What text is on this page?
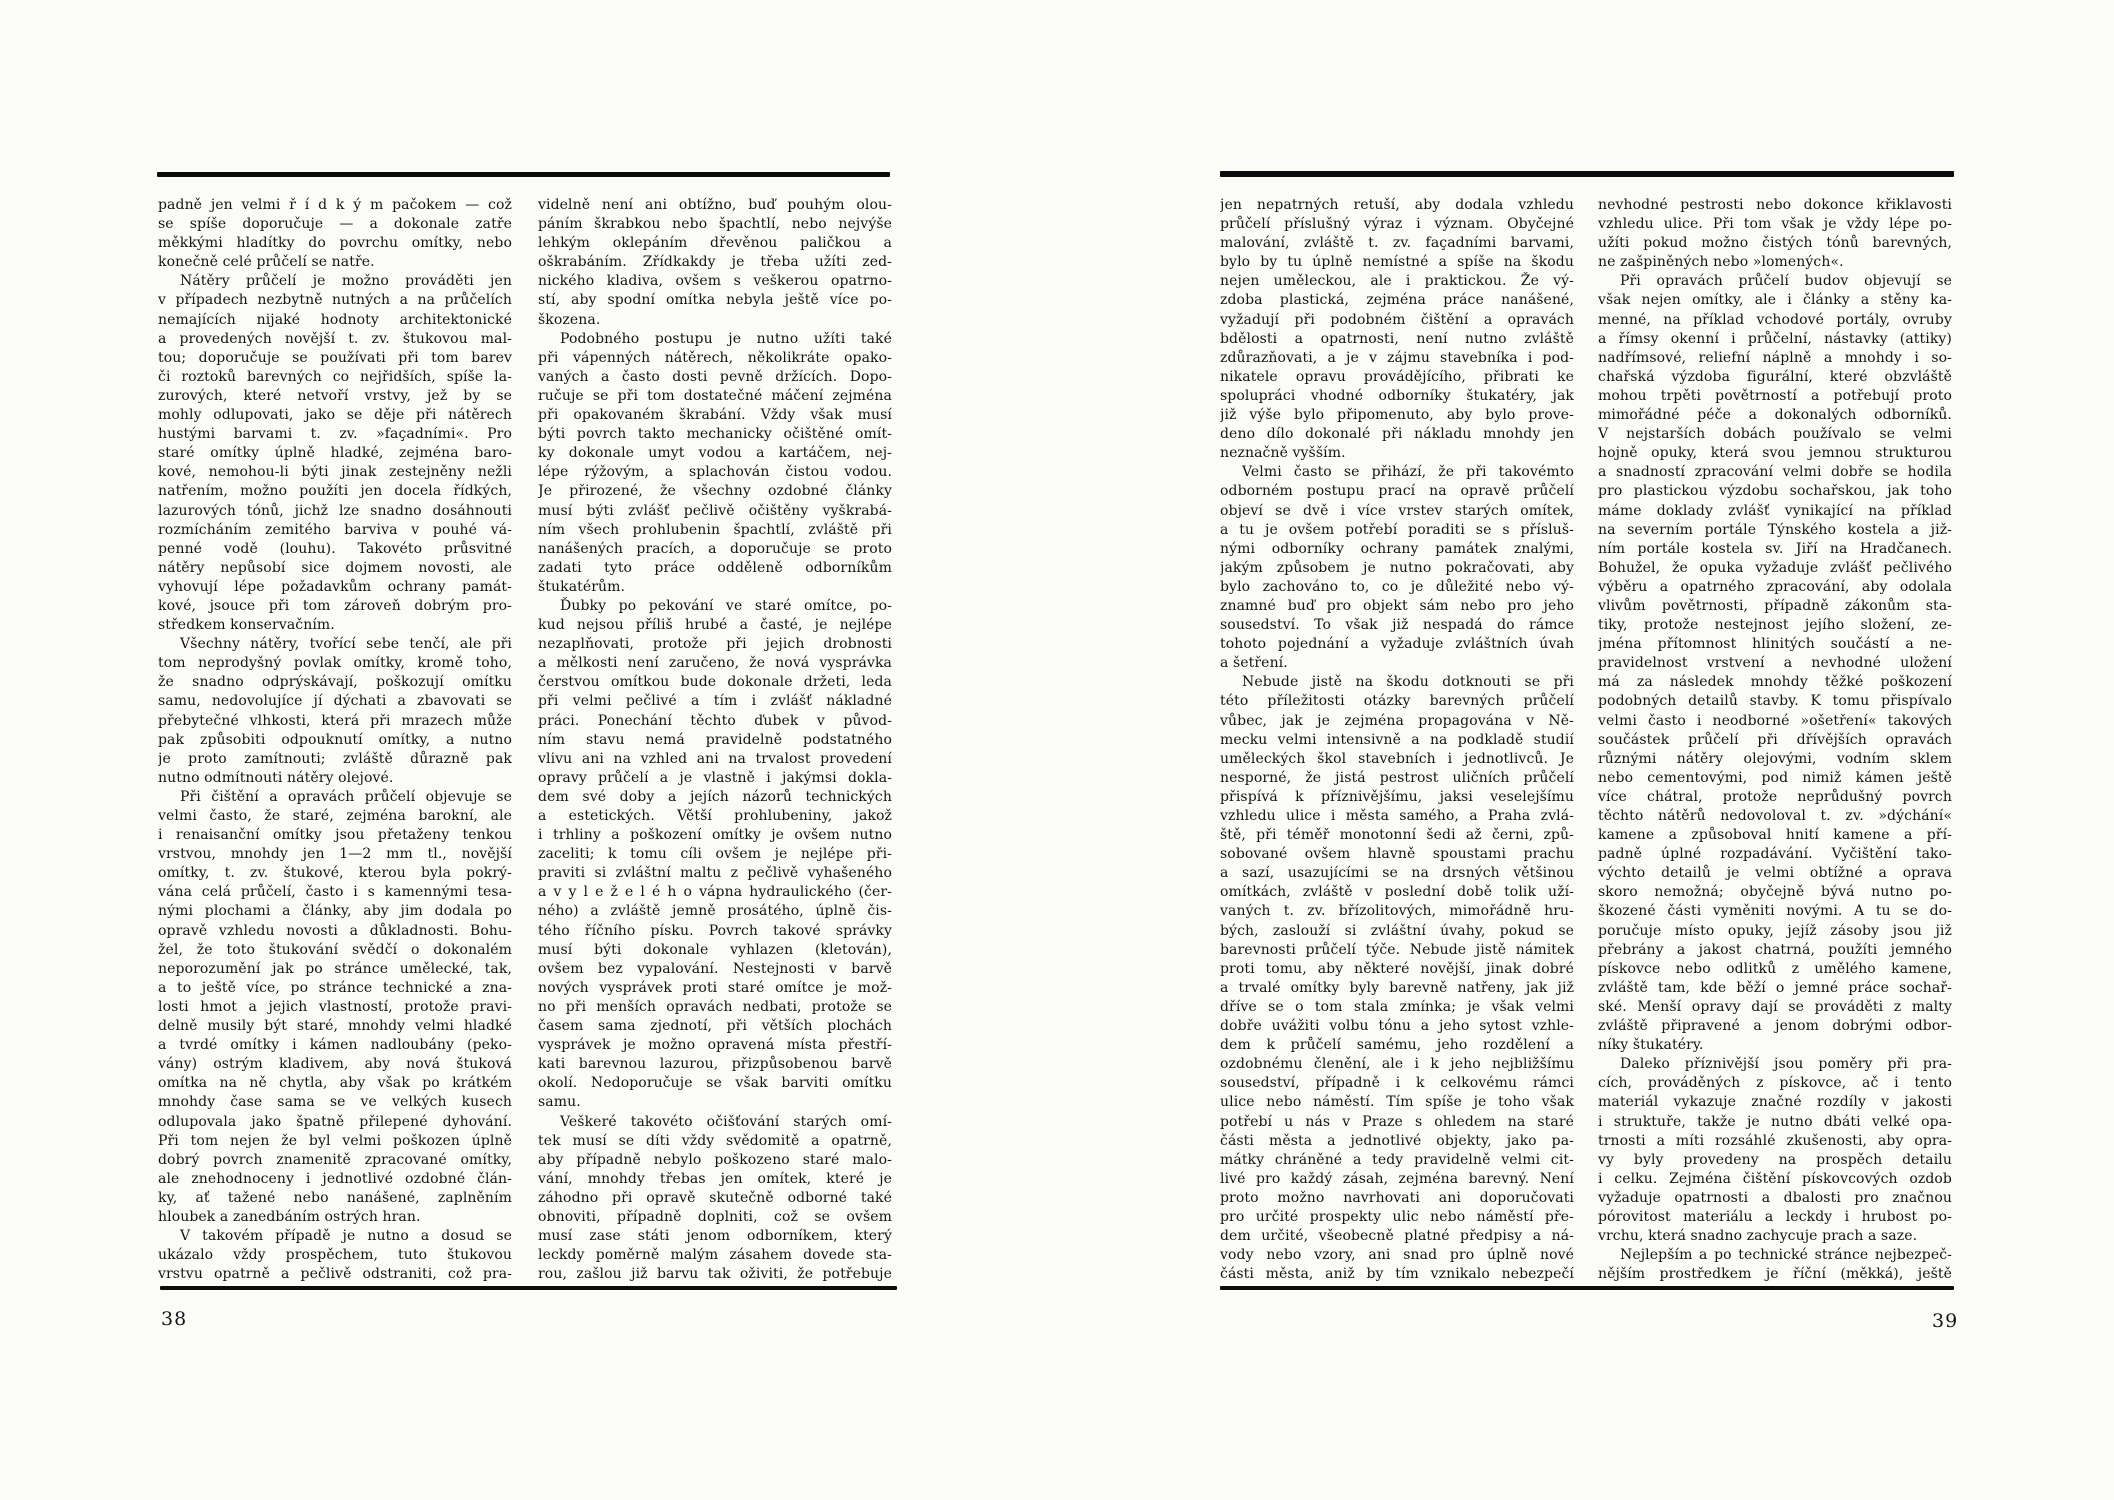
padně jen velmi ř í d k ý m pačokem — což
se spíše doporučuje — a dokonale zatře
měkkými hladítky do povrchu omítky, nebo
konečně celé průčelí se natře.
Nátěry průčelí je možno prováděti jen
v případech nezbytně nutných a na průčelích
nemajících nijaké hodnoty architektonické
a provedených novější t. zv. štukovou mal-
tou; doporučuje se používati při tom barev
či roztoků barevných co nejřidších, spíše la-
zurových, které netvoří vrstvy, jež by se
mohly odlupovati, jako se děje při nátěrech
hustými barvami t. zv. »façadními«. Pro
staré omítky úplně hladké, zejména baro-
kové, nemohou-li býti jinak zestejněny nežli
natřením, možno použíti jen docela řídkých,
lazurových tónů, jichž lze snadno dosáhnouti
rozmícháním zemitého barviva v pouhé vá-
penné vodě (louhu). Takovéto průsvitné
nátěry nepůsobí sice dojmem novosti, ale
vyhovují lépe požadavkům ochrany památ-
kové, jsouce při tom zároveň dobrým pro-
středkem konservačním.
Všechny nátěry, tvořící sebe tenčí, ale při
tom neprodyšný povlak omítky, kromě toho,
že snadno odprýskávají, poškozují omítku
samu, nedovolujíce jí dýchati a zbavovati se
přebytečné vlhkosti, která při mrazech může
pak způsobiti odpouknutí omítky, a nutno
je proto zamítnouti; zvláště důrazně pak
nutno odmítnouti nátěry olejové.
Při čištění a opravách průčelí objevuje se
velmi často, že staré, zejména barokní, ale
i renaisanční omítky jsou přetaženy tenkou
vrstvou, mnohdy jen 1—2 mm tl., novější
omítky, t. zv. štukové, kterou byla pokrý-
vána celá průčelí, často i s kamennými tesa-
nými plochami a články, aby jim dodala po
opravě vzhledu novosti a důkladnosti. Bohu-
žel, že toto štukování svědčí o dokonalém
neporozumění jak po stránce umělecké, tak,
a to ještě více, po stránce technické a zna-
losti hmot a jejich vlastností, protože pravi-
delně musily být staré, mnohdy velmi hladké
a tvrdé omítky i kámen nadloubány (peko-
vány) ostrým kladivem, aby nová štuková
omítka na ně chytla, aby však po krátkém
mnohdy čase sama se ve velkých kusech
odlupovala jako špatně přilepené dyhování.
Při tom nejen že byl velmi poškozen úplně
dobrý povrch znamenitě zpracované omítky,
ale znehodnoceny i jednotlivé ozdobné člán-
ky, ať tažené nebo nanášené, zaplněním
hloubek a zanedbáním ostrých hran.
V takovém případě je nutno a dosud se
ukázalo vždy prospěchem, tuto štukovou
vrstvu opatrně a pečlivě odstraniti, což pra-
videlně není ani obtížno, buď pouhým olou-
páním škrabkou nebo špachtlí, nebo nejvýše
lehkým oklepáním dřevěnou paličkou a
oškrabáním. Zřídkakdy je třeba užíti zed-
nického kladiva, ovšem s veškerou opatrno-
stí, aby spodní omítka nebyla ještě více po-
škozena.
Podobného postupu je nutno užíti také
při vápenných nátěrech, několikráte opako-
vaných a často dosti pevně držících. Dopo-
ručuje se při tom dostatečné máčení zejména
při opakovaném škrabání. Vždy však musí
býti povrch takto mechanicky očištěné omít-
ky dokonale umyt vodou a kartáčem, nej-
lépe rýžovým, a splachován čistou vodou.
Je přirozené, že všechny ozdobné články
musí býti zvlášť pečlivě očištěny vyškrabá-
ním všech prohlubenin špachtlí, zvláště při
nanášených pracích, a doporučuje se proto
zadati tyto práce odděleně odborníkům
štukatérům.
Ďubky po pekování ve staré omítce, po-
kud nejsou příliš hrubé a časté, je nejlépe
nezaplňovati, protože při jejich drobnosti
a mělkosti není zaručeno, že nová vysprávka
čerstvou omítkou bude dokonale držeti, leda
při velmi pečlivé a tím i zvlášť nákladné
práci. Ponechání těchto ďubek v původ-
ním stavu nemá pravidelně podstatného
vlivu ani na vzhled ani na trvalost provedení
opravy průčelí a je vlastně i jakýmsi dokla-
dem své doby a jejích názorů technických
a estetických. Větší prohlubeniny, jakož
i trhliny a poškození omítky je ovšem nutno
zaceliti; k tomu cíli ovšem je nejlépe při-
praviti si zvláštní maltu z pečlivě vyhašeného
a v y l e ž e l é h o vápna hydraulického (čer-
ného) a zvláště jemně prosátého, úplně čis-
tého říčního písku. Povrch takové správky
musí býti dokonale vyhlazen (kletován),
ovšem bez vypalování. Nestejnosti v barvě
nových vysprávek proti staré omítce je mož-
no při menších opravách nedbati, protože se
časem sama zjednotí, při větších plochách
vysprávek je možno opravená místa přestří-
kati barevnou lazurou, přizpůsobenou barvě
okolí. Nedoporučuje se však barviti omítku
samu.
Veškeré takovéto očišťování starých omí-
tek musí se díti vždy svědomitě a opatrně,
aby případně nebylo poškozeno staré malo-
vání, mnohdy třebas jen omítek, které je
záhodno při opravě skutečně odborné také
obnoviti, případně doplniti, což se ovšem
musí zase státi jenom odborníkem, který
leckdy poměrně malým zásahem dovede sta-
rou, zašlou již barvu tak oživiti, že potřebuje
38
jen nepatrných retuší, aby dodala vzhledu
průčelí příslušný výraz i význam. Obyčejné
malování, zvláště t. zv. façadními barvami,
bylo by tu úplně nemístné a spíše na škodu
nejen uměleckou, ale i praktickou. Že vý-
zdoba plastická, zejména práce nanášené,
vyžadují při podobném čištění a opravách
bdělosti a opatrnosti, není nutno zvláště
zdůrazňovati, a je v zájmu stavebníka i pod-
nikatele opravu provádějícího, přibrati ke
spolupráci vhodné odborníky štukatéry, jak
již výše bylo připomenuto, aby bylo prove-
deno dílo dokonalé při nákladu mnohdy jen
neznačně vyšším.
Velmi často se přihází, že při takovémto
odborném postupu prací na opravě průčelí
objeví se dvě i více vrstev starých omítek,
a tu je ovšem potřebí poraditi se s přísluš-
nými odborníky ochrany památek znalými,
jakým způsobem je nutno pokračovati, aby
bylo zachováno to, co je důležité nebo vý-
znamné buď pro objekt sám nebo pro jeho
sousedství. To však již nespadá do rámce
tohoto pojednání a vyžaduje zvláštních úvah
a šetření.
Nebude jistě na škodu dotknouti se při
této příležitosti otázky barevných průčelí
vůbec, jak je zejména propagována v Ně-
mecku velmi intensivně a na podkladě studií
uměleckých škol stavebních i jednotlivců. Je
nesporné, že jistá pestrost uličních průčelí
přispívá k příznivějšímu, jaksi veselejšímu
vzhledu ulice i města samého, a Praha zvlá-
ště, při téměř monotonní šedi až černi, způ-
sobované ovšem hlavně spoustami prachu
a sazí, usazujícími se na drsných většinou
omítkách, zvláště v poslední době tolik uží-
vaných t. zv. břízolitových, mimořádně hru-
bých, zaslouží si zvláštní úvahy, pokud se
barevnosti průčelí týče. Nebude jistě námitek
proti tomu, aby některé novější, jinak dobré
a trvalé omítky byly barevně natřeny, jak již
dříve se o tom stala zmínka; je však velmi
dobře uvážiti volbu tónu a jeho sytost vzhle-
dem k průčelí samému, jeho rozdělení a
ozdobnému členění, ale i k jeho nejbližšímu
sousedství, případně i k celkovému rámci
ulice nebo náměstí. Tím spíše je toho však
potřebí u nás v Praze s ohledem na staré
části města a jednotlivé objekty, jako pa-
mátky chráněné a tedy pravidelně velmi cit-
livé pro každý zásah, zejména barevný. Není
proto možno navrhovati ani doporučovati
pro určité prospekty ulic nebo náměstí pře-
dem určité, všeobecně platné předpisy a ná-
vody nebo vzory, ani snad pro úplně nové
části města, aniž by tím vznikalo nebezpečí
nevhodné pestrosti nebo dokonce křiklavosti
vzhledu ulice. Při tom však je vždy lépe po-
užíti pokud možno čistých tónů barevných,
ne zašpiněných nebo »lomených«.
Při opravách průčelí budov objevují se
však nejen omítky, ale i články a stěny ka-
menné, na příklad vchodové portály, ovruby
a římsy okenní i průčelní, nástavky (attiky)
nadřímsové, reliefní náplně a mnohdy i so-
chařská výzdoba figurální, které obzvláště
mohou trpěti povětrností a potřebují proto
mimořádné péče a dokonalých odborníků.
V nejstarších dobách používalo se velmi
hojně opuky, která svou jemnou strukturou
a snadností zpracování velmi dobře se hodila
pro plastickou výzdobu sochařskou, jak toho
máme doklady zvlášť vynikající na příklad
na severním portále Týnského kostela a již-
ním portále kostela sv. Jiří na Hradčanech.
Bohužel, že opuka vyžaduje zvlášť pečlivého
výběru a opatrného zpracování, aby odolala
vlivům povětrnosti, případně zákonům sta-
tiky, protože nestejnost jejího složení, ze-
jména přítomnost hlinitých součástí a ne-
pravidelnost vrstvení a nevhodné uložení
má za následek mnohdy těžké poškození
podobných detailů stavby. K tomu přispívalo
velmi často i neodborné »ošetření« takových
součástek průčelí při dřívějších opravách
různými nátěry olejovými, vodním sklem
nebo cementovými, pod nimiž kámen ještě
více chátral, protože neprůdušný povrch
těchto nátěrů nedovoloval t. zv. »dýchání«
kamene a způsoboval hnití kamene a pří-
padně úplné rozpadávání. Vyčištění tako-
výchto detailů je velmi obtížné a oprava
skoro nemožná; obyčejně bývá nutno po-
škozené části vyměniti novými. A tu se do-
poručuje místo opuky, jejíž zásoby jsou již
přebrány a jakost chatrná, použíti jemného
pískovce nebo odlitků z umělého kamene,
zvláště tam, kde běží o jemné práce sochař-
ské. Menší opravy dají se prováděti z malty
zvláště připravené a jenom dobrými odbor-
níky štukatéry.
Daleko příznivější jsou poměry při pra-
cích, prováděných z pískovce, ač i tento
materiál vykazuje značné rozdíly v jakosti
i struktuře, takže je nutno dbáti velké opa-
trnosti a míti rozsáhlé zkušenosti, aby opra-
vy byly provedeny na prospěch detailu
i celku. Zejména čištění pískovcových ozdob
vyžaduje opatrnosti a dbalosti pro značnou
pórovitost materiálu a leckdy i hrubost po-
vrchu, která snadno zachycuje prach a saze.
Nejlepším a po technické stránce nejbezpeč-
nějším prostředkem je říční (měkká), ještě
39
